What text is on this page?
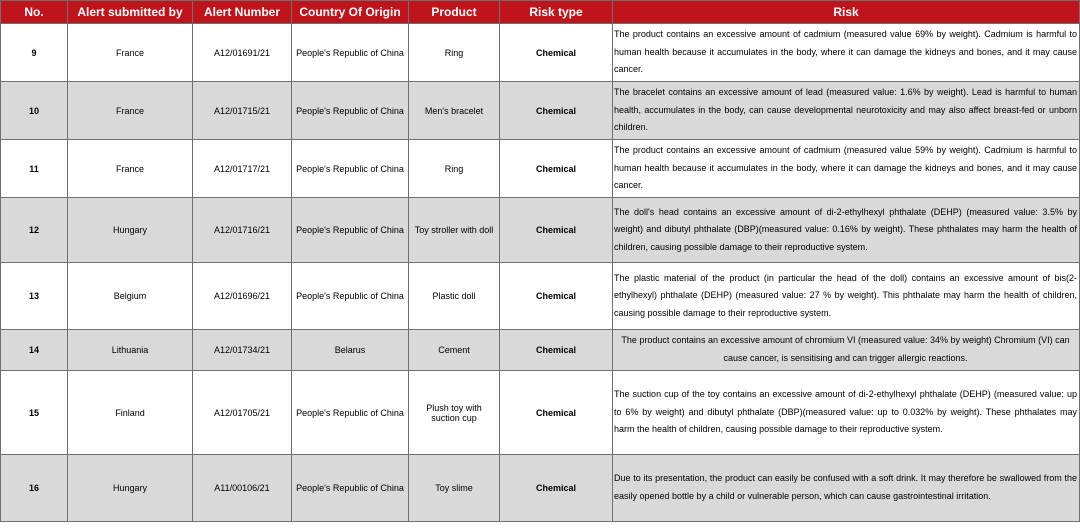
No.	Alert submitted by	Alert Number	Country Of Origin	Product	Risk type	Risk
9	France	A12/01691/21	People's Republic of China	Ring	Chemical	The product contains an excessive amount of cadmium (measured value 69% by weight). Cadmium is harmful to human health because it accumulates in the body, where it can damage the kidneys and bones, and it may cause cancer.
10	France	A12/01715/21	People's Republic of China	Men's bracelet	Chemical	The bracelet contains an excessive amount of lead (measured value: 1.6% by weight). Lead is harmful to human health, accumulates in the body, can cause developmental neurotoxicity and may also affect breast-fed or unborn children.
11	France	A12/01717/21	People's Republic of China	Ring	Chemical	The product contains an excessive amount of cadmium (measured value 59% by weight). Cadmium is harmful to human health because it accumulates in the body, where it can damage the kidneys and bones, and it may cause cancer.
12	Hungary	A12/01716/21	People's Republic of China	Toy stroller with doll	Chemical	The doll's head contains an excessive amount of di-2-ethylhexyl phthalate (DEHP) (measured value: 3.5% by weight) and dibutyl phthalate (DBP)(measured value: 0.16% by weight). These phthalates may harm the health of children, causing possible damage to their reproductive system.
13	Belgium	A12/01696/21	People's Republic of China	Plastic doll	Chemical	The plastic material of the product (in particular the head of the doll) contains an excessive amount of bis(2-ethylhexyl) phthalate (DEHP) (measured value: 27 % by weight). This phthalate may harm the health of children, causing possible damage to their reproductive system.
14	Lithuania	A12/01734/21	Belarus	Cement	Chemical	The product contains an excessive amount of chromium VI (measured value: 34% by weight) Chromium (VI) can cause cancer, is sensitising and can trigger allergic reactions.
15	Finland	A12/01705/21	People's Republic of China	Plush toy with suction cup	Chemical	The suction cup of the toy contains an excessive amount of di-2-ethylhexyl phthalate (DEHP) (measured value: up to 6% by weight) and dibutyl phthalate (DBP)(measured value: up to 0.032% by weight). These phthalates may harm the health of children, causing possible damage to their reproductive system.
16	Hungary	A11/00106/21	People's Republic of China	Toy slime	Chemical	Due to its presentation, the product can easily be confused with a soft drink. It may therefore be swallowed from the easily opened bottle by a child or vulnerable person, which can cause gastrointestinal irritation.
